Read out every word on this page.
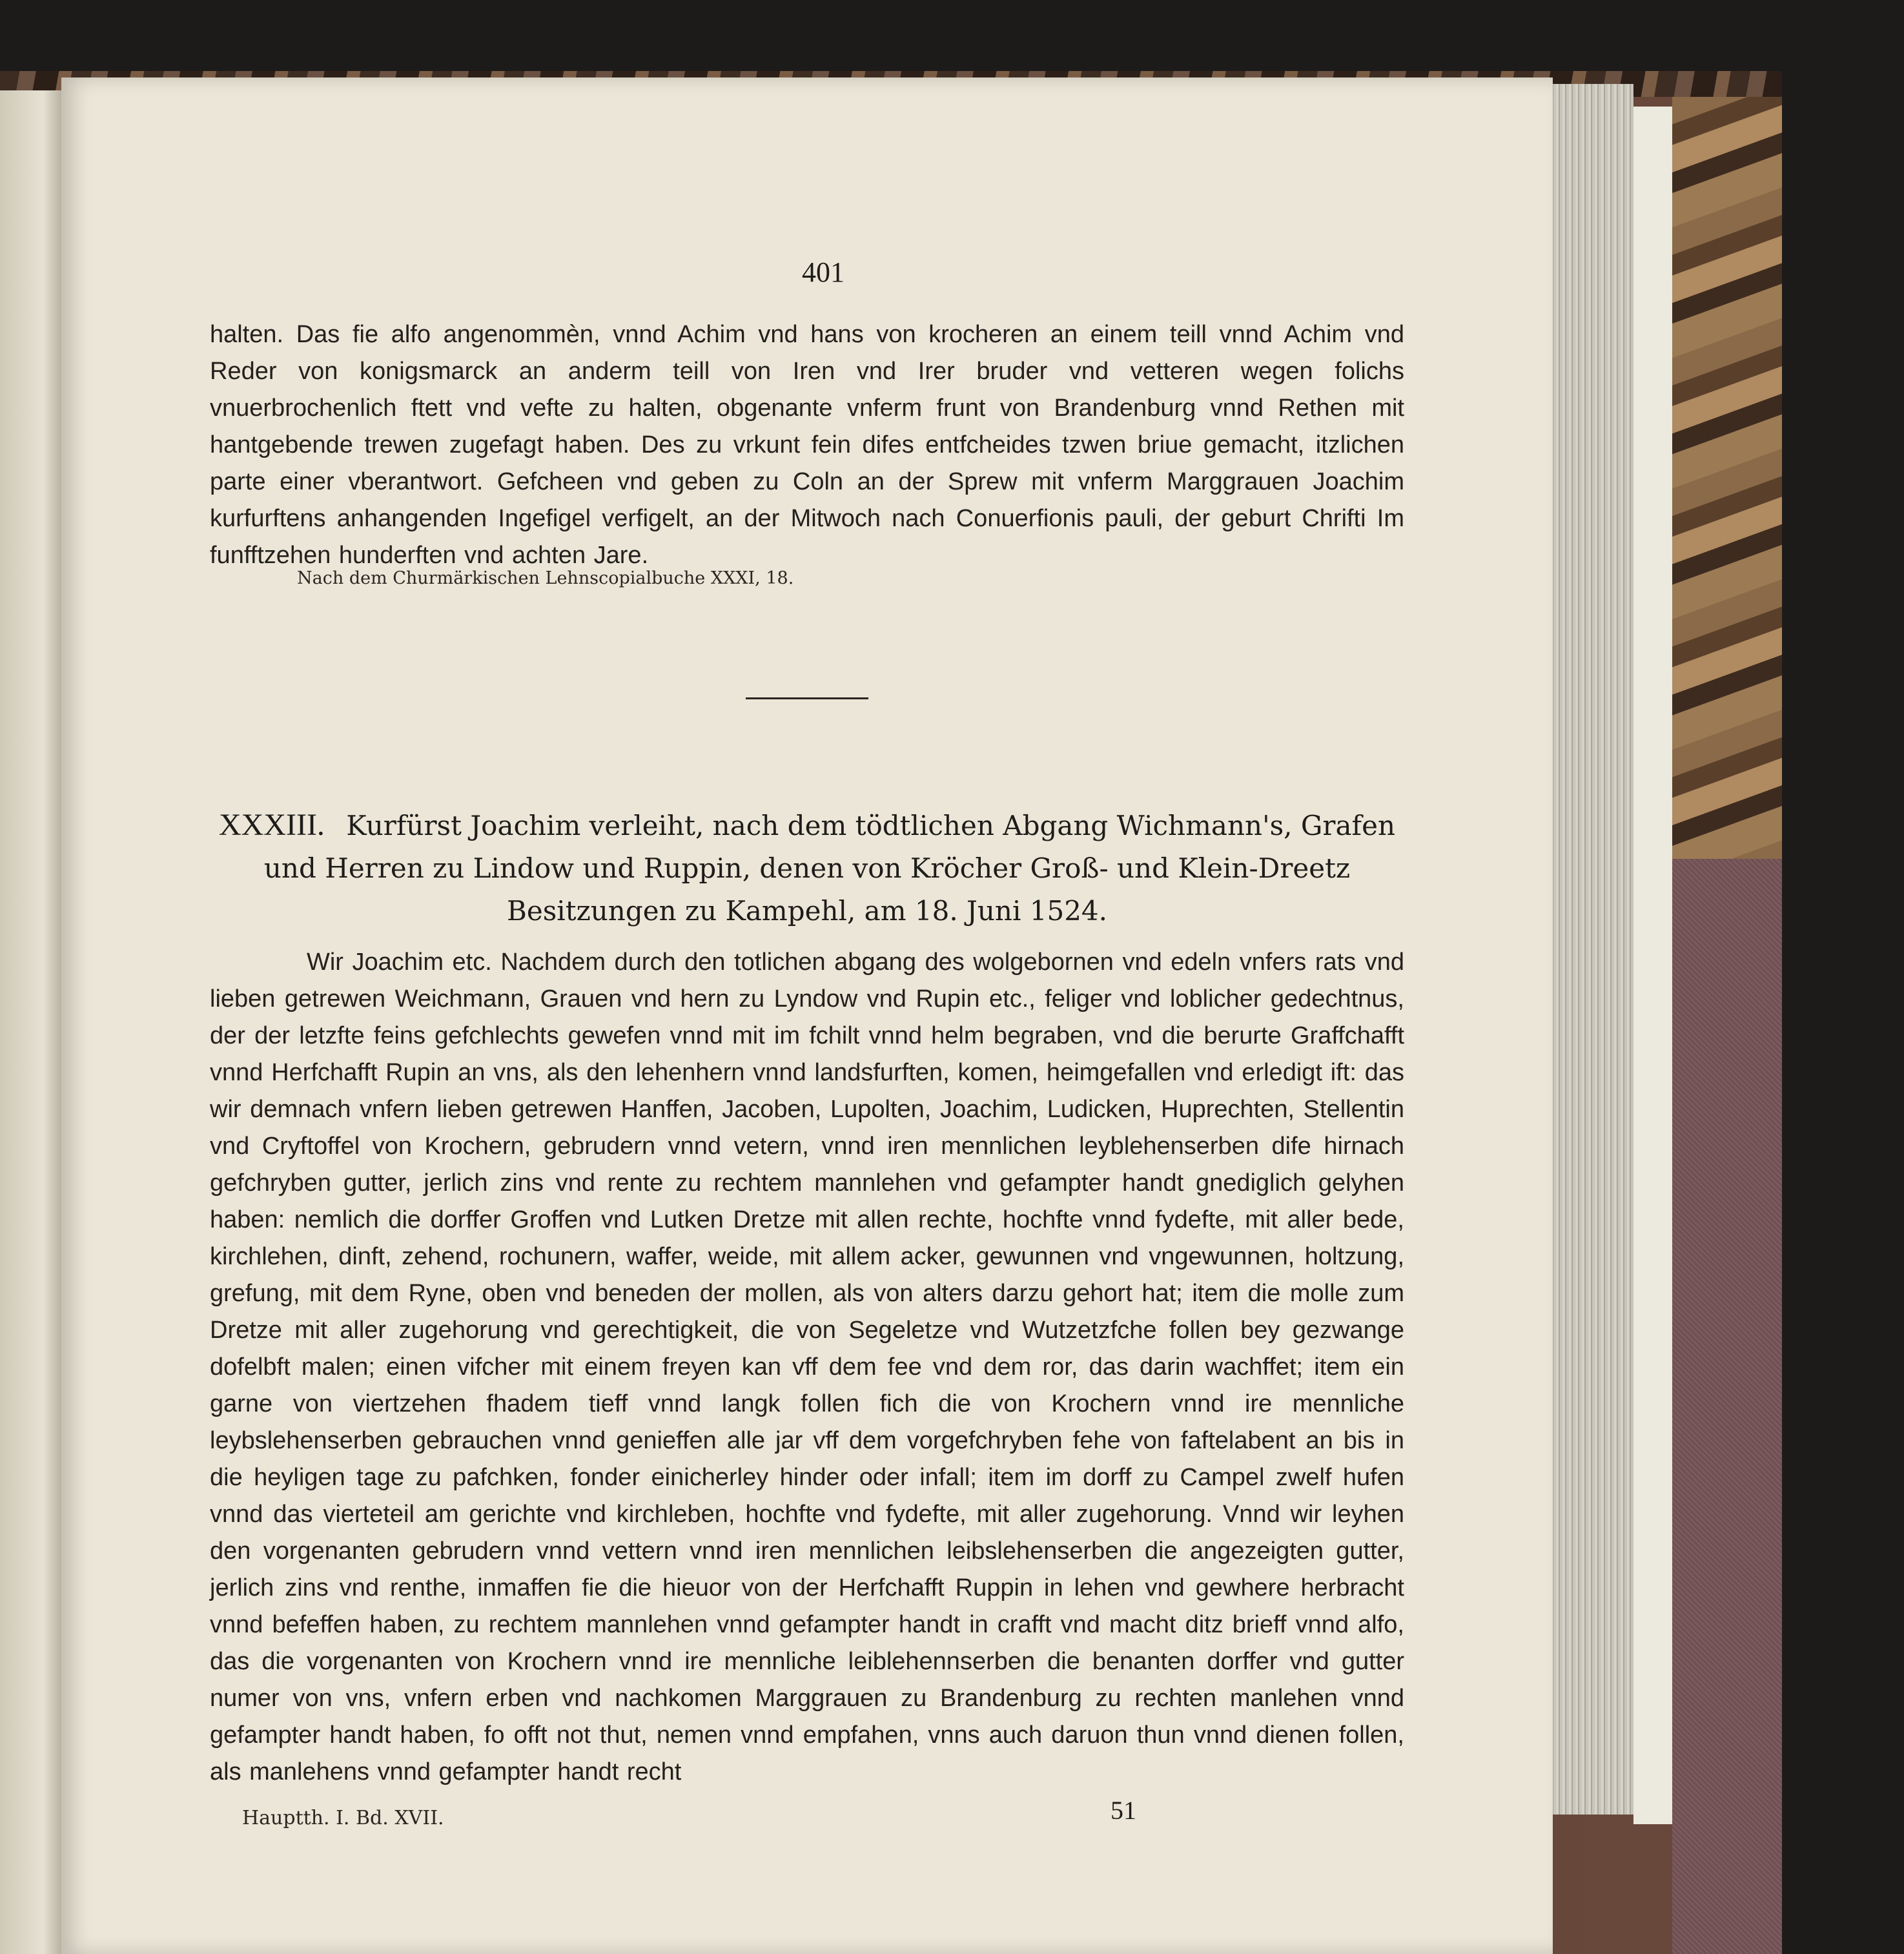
401
halten. Das fie alfo angenommèn, vnnd Achim vnd hans von krocheren an einem teill vnnd Achim vnd Reder von konigsmarck an anderm teill von Iren vnd Irer bruder vnd vetteren wegen folichs vnuerbrochenlich ftett vnd vefte zu halten, obgenante vnferm frunt von Brandenburg vnnd Rethen mit hantgebende trewen zugefagt haben. Des zu vrkunt fein difes entfcheides tzwen briue gemacht, itzlichen parte einer vberantwort. Gefcheen vnd geben zu Coln an der Sprew mit vnferm Marggrauen Joachim kurfurftens anhangenden Ingefigel verfigelt, an der Mitwoch nach Conuerfionis pauli, der geburt Chrifti Im funfftzehen hunderften vnd achten Jare.
Nach dem Churmärkischen Lehnscopialbuche XXXI, 18.
XXXIII. Kurfürst Joachim verleiht, nach dem tödtlichen Abgang Wichmann's, Grafen und Herren zu Lindow und Ruppin, denen von Kröcher Groß- und Klein-Dreetz Besitzungen zu Kampehl, am 18. Juni 1524.

Wir Joachim etc. Nachdem durch den totlichen abgang des wolgebornen vnd edeln vnfers rats vnd lieben getrewen Weichmann, Grauen vnd hern zu Lyndow vnd Rupin etc., feliger vnd loblicher gedechtnus, der der letzfte feins gefchlechts gewefen vnnd mit im fchilt vnnd helm begraben, vnd die berurte Graffchafft vnnd Herfchafft Rupin an vns, als den lehenhern vnnd landsfurften, komen, heimgefallen vnd erledigt ift: das wir demnach vnfern lieben getrewen Hanffen, Jacoben, Lupolten, Joachim, Ludicken, Huprechten, Stellentin vnd Cryftoffel von Krochern, gebrudern vnnd vetern, vnnd iren mennlichen leyblehenserben dife hirnach gefchryben gutter, jerlich zins vnd rente zu rechtem mannlehen vnd gefampter handt gnediglich gelyhen haben: nemlich die dorffer Groffen vnd Lutken Dretze mit allen rechte, hochfte vnnd fydefte, mit aller bede, kirchlehen, dinft, zehend, rochunern, waffer, weide, mit allem acker, gewunnen vnd vngewunnen, holtzung, grefung, mit dem Ryne, oben vnd beneden der mollen, als von alters darzu gehort hat; item die molle zum Dretze mit aller zugehorung vnd gerechtigkeit, die von Segeletze vnd Wutzetzfche follen bey gezwange dofelbft malen; einen vifcher mit einem freyen kan vff dem fee vnd dem ror, das darin wachffet; item ein garne von viertzehen fhadem tieff vnnd langk follen fich die von Krochern vnnd ire mennliche leybslehenserben gebrauchen vnnd genieffen alle jar vff dem vorgefchryben fehe von faftelabent an bis in die heyligen tage zu pafchken, fonder einicherley hinder oder infall; item im dorff zu Campel zwelf hufen vnnd das vierteteil am gerichte vnd kirchleben, hochfte vnd fydefte, mit aller zugehorung. Vnnd wir leyhen den vorgenanten gebrudern vnnd vettern vnnd iren mennlichen leibslehenserben die angezeigten gutter, jerlich zins vnd renthe, inmaffen fie die hieuor von der Herfchafft Ruppin in lehen vnd gewhere herbracht vnnd befeffen haben, zu rechtem mannlehen vnnd gefampter handt in crafft vnd macht ditz brieff vnnd alfo, das die vorgenanten von Krochern vnnd ire mennliche leiblehennserben die benanten dorffer vnd gutter numer von vns, vnfern erben vnd nachkomen Marggrauen zu Brandenburg zu rechten manlehen vnnd gefampter handt haben, fo offt not thut, nemen vnnd empfahen, vnns auch daruon thun vnnd dienen follen, als manlehens vnnd gefampter handt recht

Hauptth. I. Bd. XVII.	51
